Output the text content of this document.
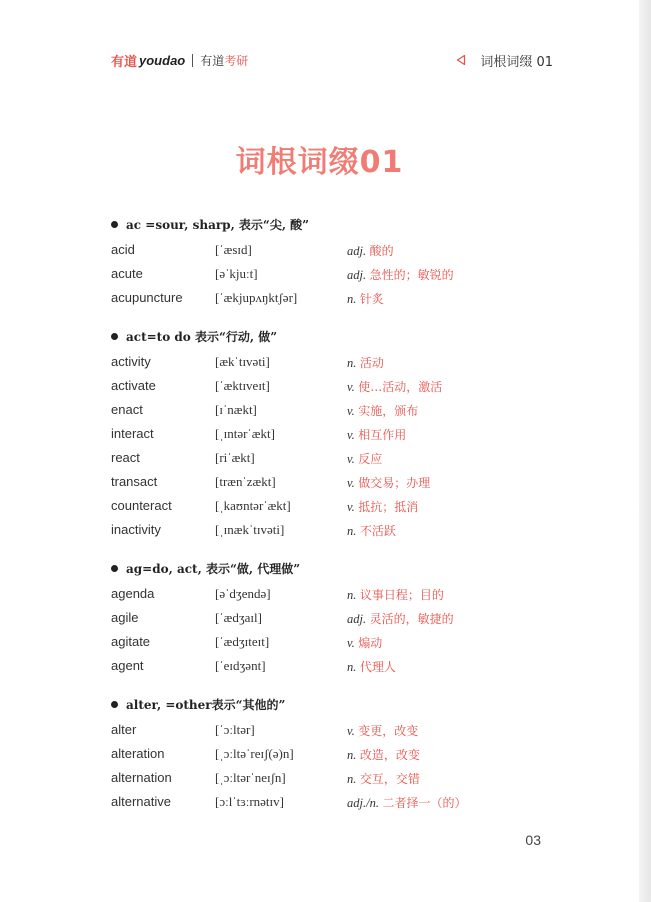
有道 youdao 有道 考研	词根词缀 01
词根词缀01
ac =sour, sharp, 表示“尖, 酸”
acid	[ˈæsɪd]	adj. 酸的
acute	[əˈkjuːt]	adj. 急性的；敏锐的
acupuncture [ˈækjupʌŋktʃər]	n. 针炙
act=to do 表示“行动, 做”
activity	[ækˈtɪvəti]	n. 活动
activate	[ˈæktɪveɪt]	v. 使…活动，激活
enact	[ɪˈnækt]	v. 实施，颁布
interact	[ˌɪntərˈækt]	v. 相互作用
react	[riˈækt]	v. 反应
transact	[trænˈzækt]	v. 做交易；办理
counteract	[ˌkaʊntərˈækt]	v. 抵抗；抵消
inactivity	[ˌɪnækˈtɪvəti]	n. 不活跃
ag=do, act, 表示“做, 代理做”
agenda	[əˈdʒendə]	n. 议事日程；目的
agile	[ˈædʒaɪl]	adj. 灵活的，敏捷的
agitate	[ˈædʒɪteɪt]	v. 煽动
agent	[ˈeɪdʒənt]	n. 代理人
alter, =other表示“其他的”
alter	[ˈɔːltər]	v. 变更，改变
alteration	[ˌɔːltəˈreɪʃ(ə)n]	n. 改造，改变
alternation	[ˌɔːltərˈneɪʃn]	n. 交互，交错
alternative	[ɔːlˈtɜːrnətɪv]	adj./n. 二者择一（的）
03
